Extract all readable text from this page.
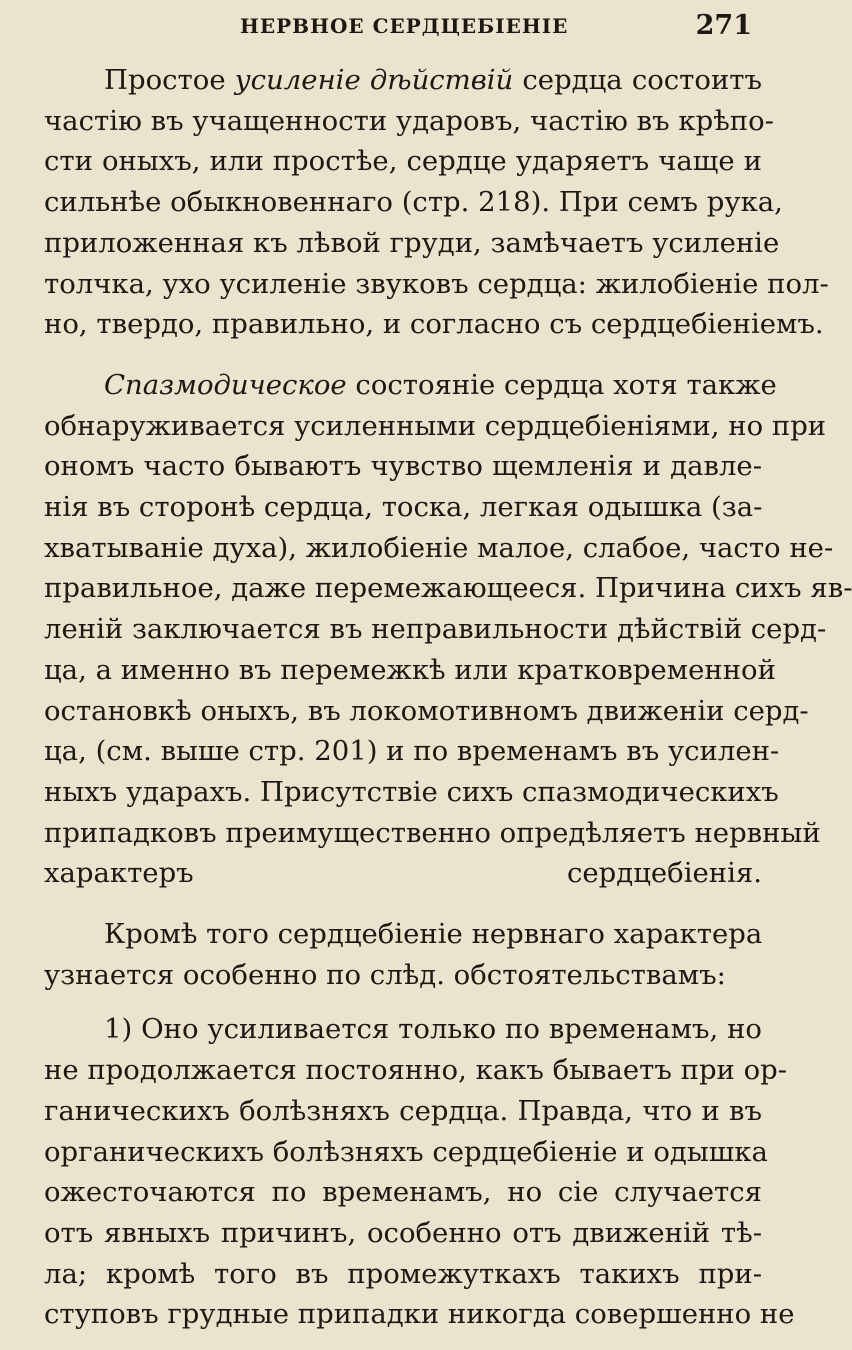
НЕРВНОЕ СЕРДЦЕБІЕНІЕ	271
Простое усиленіе дѣйствій сердца состоитъ
частію въ учащенности ударовъ, частію въ крѣпо-
сти оныхъ, или простѣе, сердце ударяетъ чаще и
сильнѣе обыкновеннаго (стр. 218). При семъ рука,
приложенная къ лѣвой груди, замѣчаетъ усиленіе
толчка, ухо усиленіе звуковъ сердца: жилобіеніе пол-
но, твердо, правильно, и согласно съ сердцебіеніемъ.
Спазмодическое состояніе сердца хотя также
обнаруживается усиленными сердцебіеніями, но при
ономъ часто бываютъ чувство щемленія и давле-
нія въ сторонѣ сердца, тоска, легкая одышка (за-
хватываніе духа), жилобіеніе малое, слабое, часто не-
правильное, даже перемежающееся. Причина сихъ яв-
леній заключается въ неправильности дѣйствій серд-
ца, а именно въ перемежкѣ или кратковременной
остановкѣ оныхъ, въ локомотивномъ движеніи серд-
ца, (см. выше стр. 201) и по временамъ въ усилен-
ныхъ ударахъ. Присутствіе сихъ спазмодическихъ
припадковъ преимущественно опредѣляетъ нервный
характеръ сердцебіенія.
Кромѣ того сердцебіеніе нервнаго характера
узнается особенно по слѣд. обстоятельствамъ:
1) Оно усиливается только по временамъ, но
не продолжается постоянно, какъ бываетъ при ор-
ганическихъ болѣзняхъ сердца. Правда, что и въ
органическихъ болѣзняхъ сердцебіеніе и одышка
ожесточаются по временамъ, но сіе случается
отъ явныхъ причинъ, особенно отъ движеній тѣ-
ла; кромѣ того въ промежуткахъ такихъ при-
ступовъ грудные припадки никогда совершенно не
